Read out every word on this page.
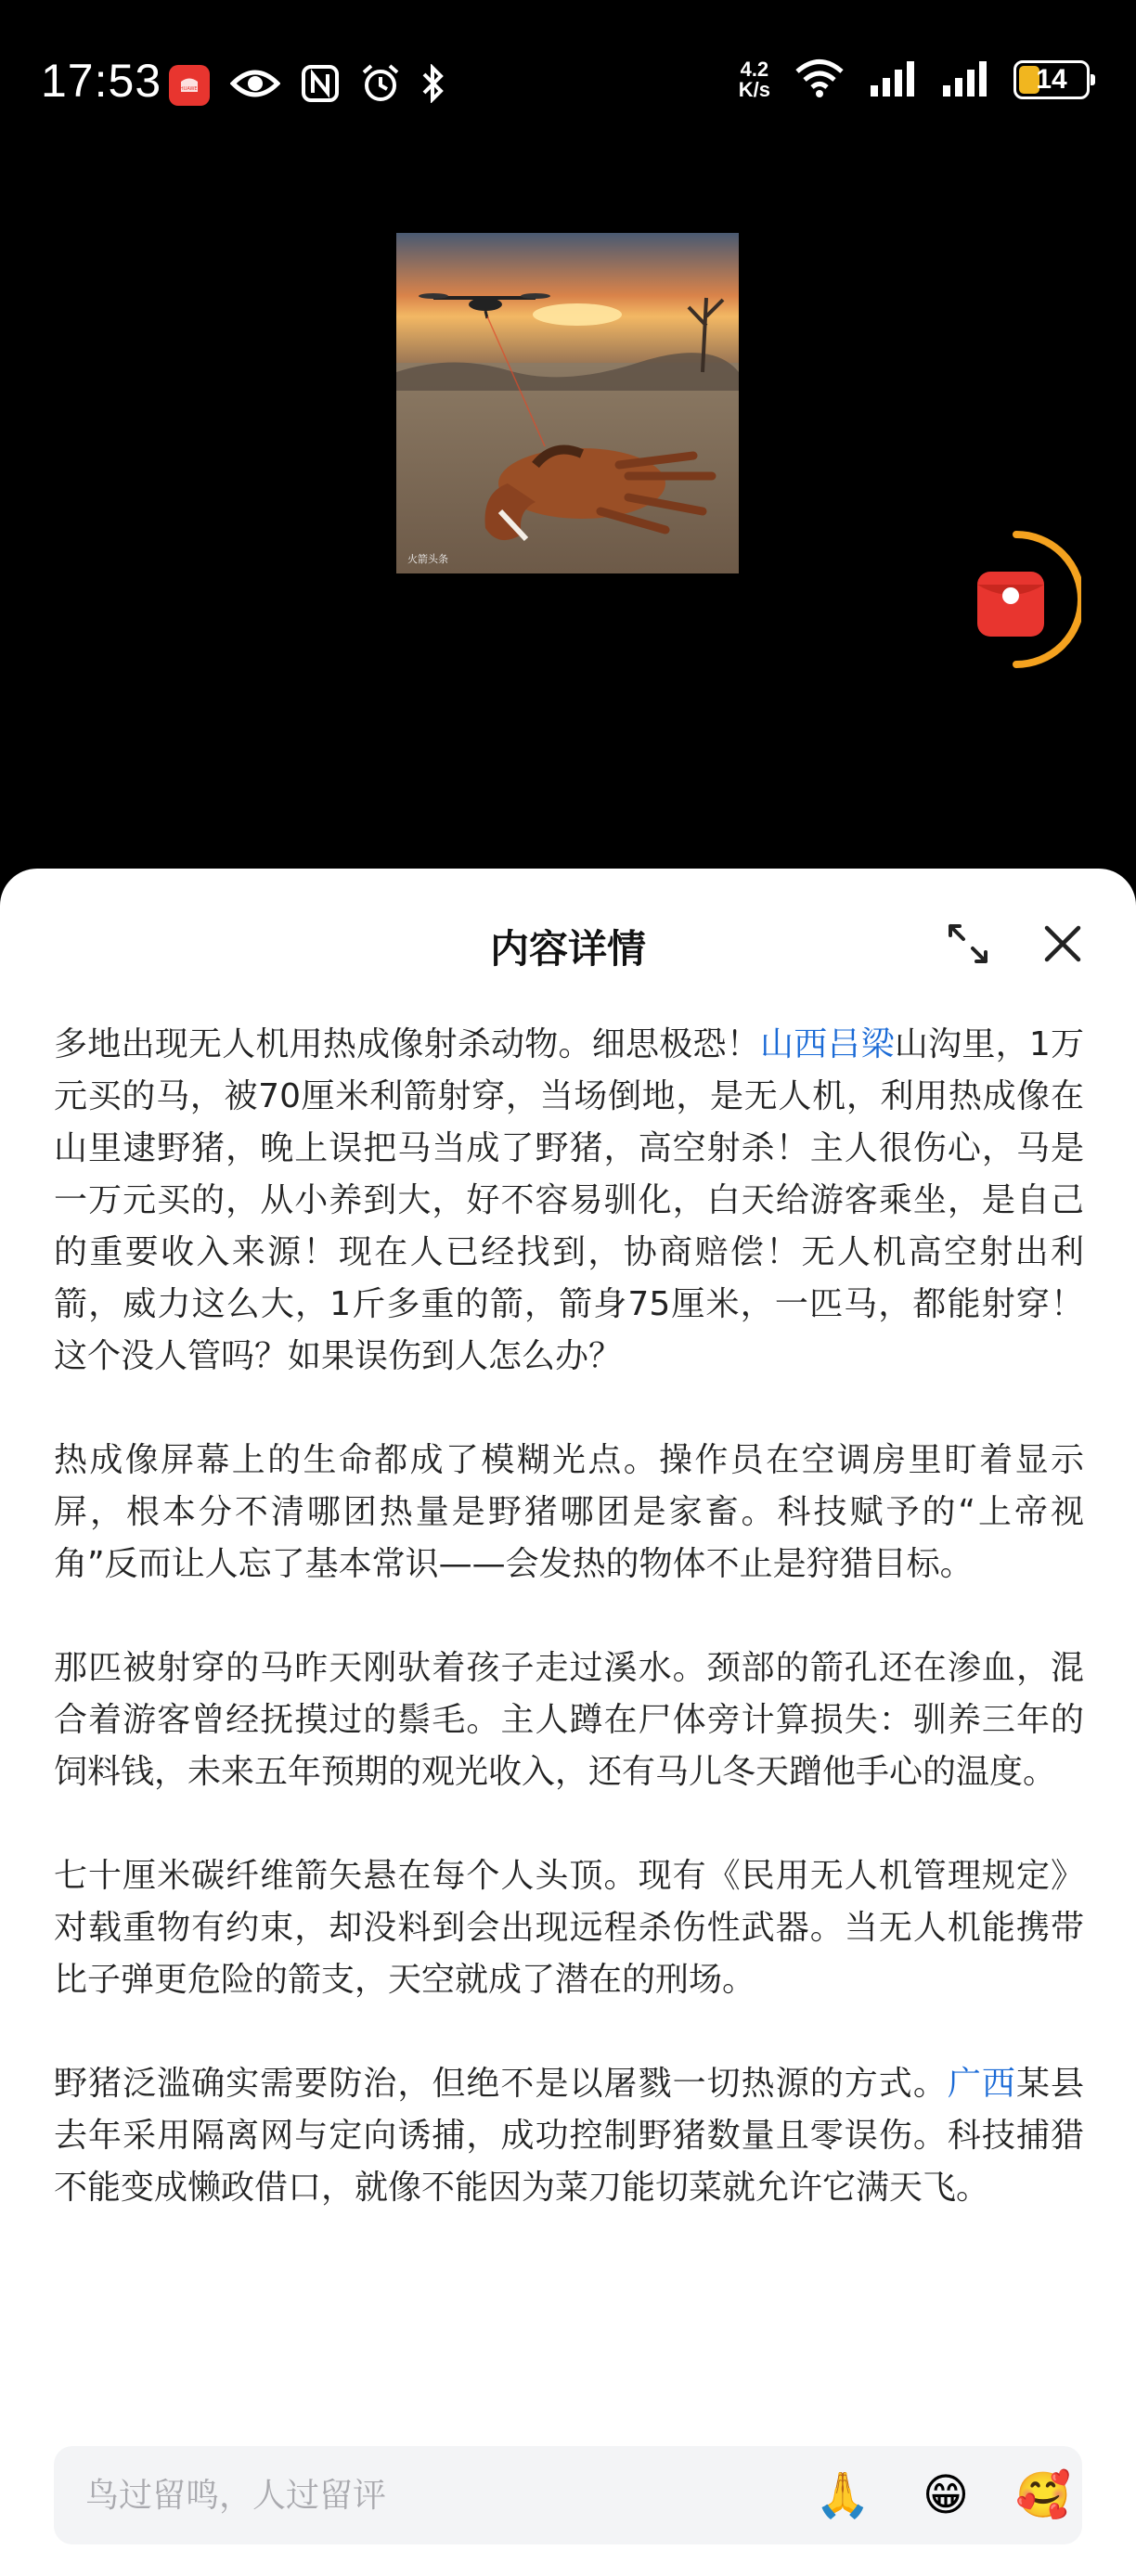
17:53	HUAWEI
4.2
K/s	14
火箭头条
内容详情

多地出现无人机用热成像射杀动物。细思极恐！山西吕梁山沟里，1万元买的马，被70厘米利箭射穿，当场倒地，是无人机，利用热成像在山里逮野猪，晚上误把马当成了野猪，高空射杀！主人很伤心，马是一万元买的，从小养到大，好不容易驯化，白天给游客乘坐，是自己的重要收入来源！现在人已经找到，协商赔偿！无人机高空射出利箭，威力这么大，1斤多重的箭，箭身75厘米，一匹马，都能射穿！这个没人管吗？如果误伤到人怎么办？

热成像屏幕上的生命都成了模糊光点。操作员在空调房里盯着显示屏，根本分不清哪团热量是野猪哪团是家畜。科技赋予的“上帝视角”反而让人忘了基本常识——会发热的物体不止是狩猎目标。

那匹被射穿的马昨天刚驮着孩子走过溪水。颈部的箭孔还在渗血，混合着游客曾经抚摸过的鬃毛。主人蹲在尸体旁计算损失：驯养三年的饲料钱，未来五年预期的观光收入，还有马儿冬天蹭他手心的温度。

七十厘米碳纤维箭矢悬在每个人头顶。现有《民用无人机管理规定》对载重物有约束，却没料到会出现远程杀伤性武器。当无人机能携带比子弹更危险的箭支，天空就成了潜在的刑场。

野猪泛滥确实需要防治，但绝不是以屠戮一切热源的方式。广西某县去年采用隔离网与定向诱捕，成功控制野猪数量且零误伤。科技捕猎不能变成懒政借口，就像不能因为菜刀能切菜就允许它满天飞。

鸟过留鸣，人过留评
🙏 😁 🥰
